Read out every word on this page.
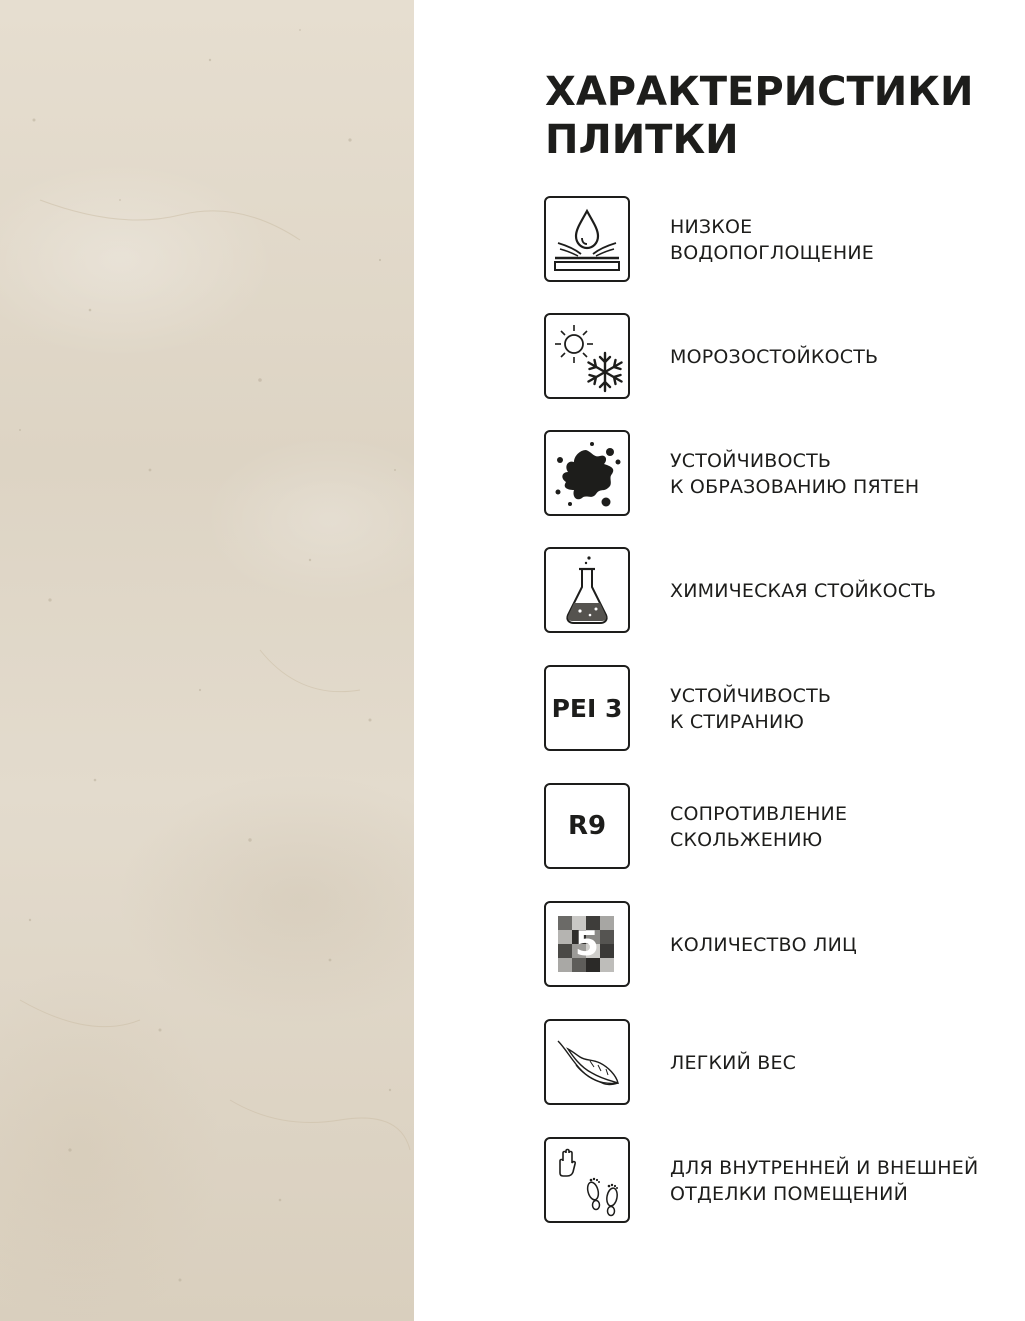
ХАРАКТЕРИСТИКИ
ПЛИТКИ
НИЗКОЕ
ВОДОПОГЛОЩЕНИЕ
МОРОЗОСТОЙКОСТЬ
УСТОЙЧИВОСТЬ
К ОБРАЗОВАНИЮ ПЯТЕН
ХИМИЧЕСКАЯ СТОЙКОСТЬ
PEI 3	УСТОЙЧИВОСТЬ
К СТИРАНИЮ
R9	СОПРОТИВЛЕНИЕ
СКОЛЬЖЕНИЮ
5	КОЛИЧЕСТВО ЛИЦ
ЛЕГКИЙ ВЕС
ДЛЯ ВНУТРЕННЕЙ И ВНЕШНЕЙ
ОТДЕЛКИ ПОМЕЩЕНИЙ
